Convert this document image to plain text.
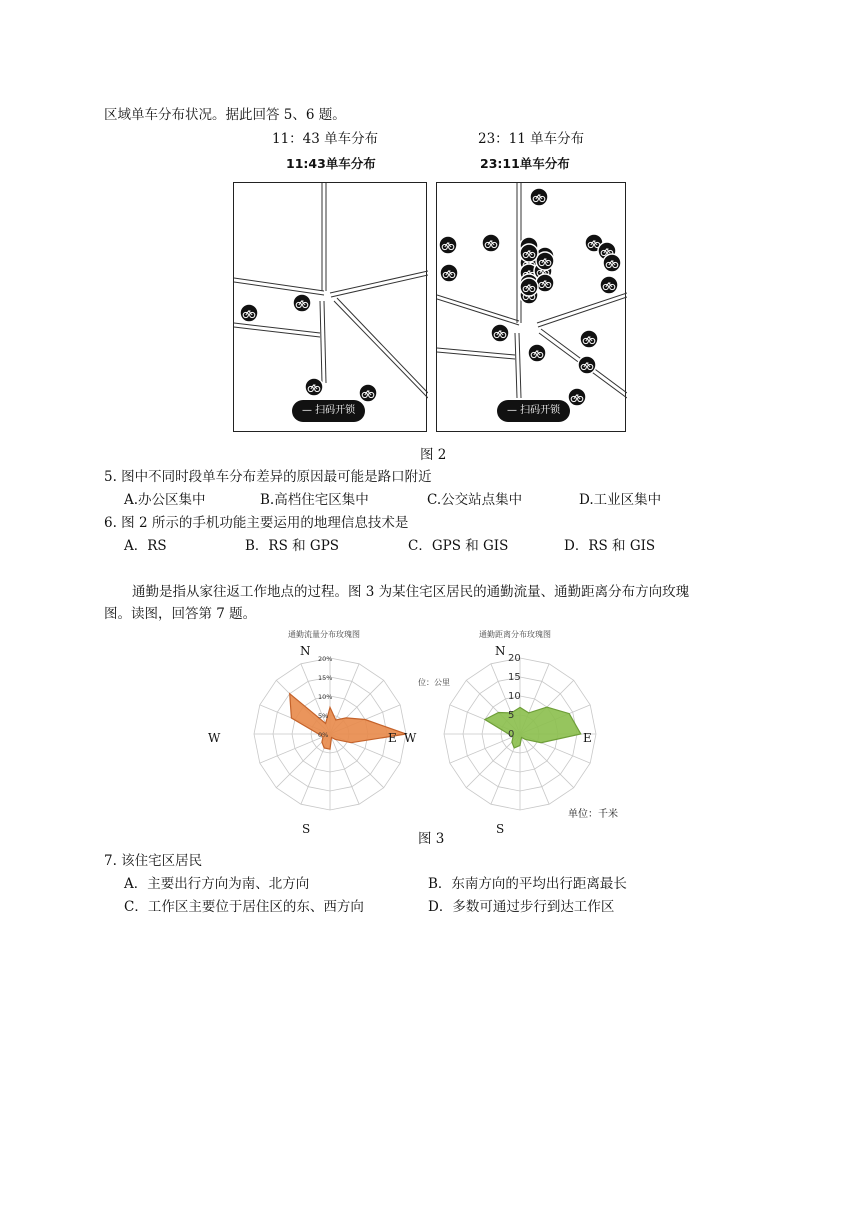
区域单车分布状况。据此回答 5、6 题。
11：43 单车分布	23：11 单车分布
11:43单车分布	23:11单车分布
— 扫码开锁	— 扫码开锁
图 2
5. 图中不同时段单车分布差异的原因最可能是路口附近
A.办公区集中	B.高档住宅区集中	C.公交站点集中	D.工业区集中
6. 图 2 所示的手机功能主要运用的地理信息技术是
A．RS	B．RS 和 GPS	C．GPS 和 GIS	D．RS 和 GIS
通勤是指从家往返工作地点的过程。图 3 为某住宅区居民的通勤流量、通勤距离分布方向玫瑰
图。读图，回答第 7 题。
通勤流量分布玫瑰图	通勤距离分布玫瑰图
0%
5%
10%
15%
20%
0
5
10
15
20
N	N
W	E W	E
S	S
位：公里
单位：千米
图 3
7. 该住宅区居民
A．主要出行方向为南、北方向	B．东南方向的平均出行距离最长
C．工作区主要位于居住区的东、西方向	D．多数可通过步行到达工作区
